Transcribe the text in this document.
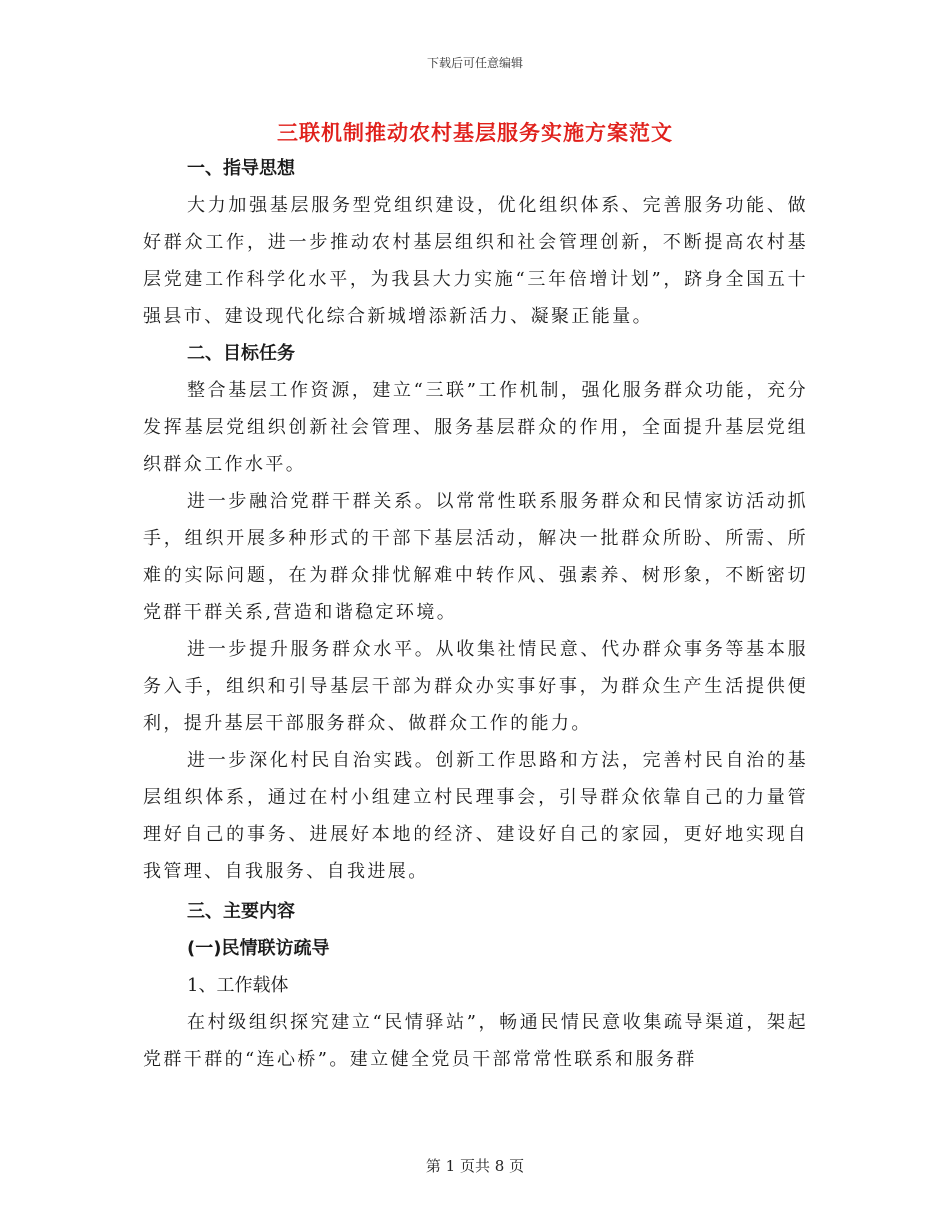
下载后可任意编辑
三联机制推动农村基层服务实施方案范文
一、指导思想

大力加强基层服务型党组织建设，优化组织体系、完善服务功能、做好群众工作，进一步推动农村基层组织和社会管理创新，不断提高农村基层党建工作科学化水平，为我县大力实施“三年倍增计划”，跻身全国五十强县市、建设现代化综合新城增添新活力、凝聚正能量。

二、目标任务

整合基层工作资源，建立“三联”工作机制，强化服务群众功能，充分发挥基层党组织创新社会管理、服务基层群众的作用，全面提升基层党组织群众工作水平。

进一步融洽党群干群关系。以常常性联系服务群众和民情家访活动抓手，组织开展多种形式的干部下基层活动，解决一批群众所盼、所需、所难的实际问题，在为群众排忧解难中转作风、强素养、树形象，不断密切党群干群关系,营造和谐稳定环境。

进一步提升服务群众水平。从收集社情民意、代办群众事务等基本服务入手，组织和引导基层干部为群众办实事好事，为群众生产生活提供便利，提升基层干部服务群众、做群众工作的能力。

进一步深化村民自治实践。创新工作思路和方法，完善村民自治的基层组织体系，通过在村小组建立村民理事会，引导群众依靠自己的力量管理好自己的事务、进展好本地的经济、建设好自己的家园，更好地实现自我管理、自我服务、自我进展。

三、主要内容
(一)民情联访疏导
1、工作载体

在村级组织探究建立“民情驿站”，畅通民情民意收集疏导渠道，架起党群干群的“连心桥”。建立健全党员干部常常性联系和服务群

第 1 页共 8 页
